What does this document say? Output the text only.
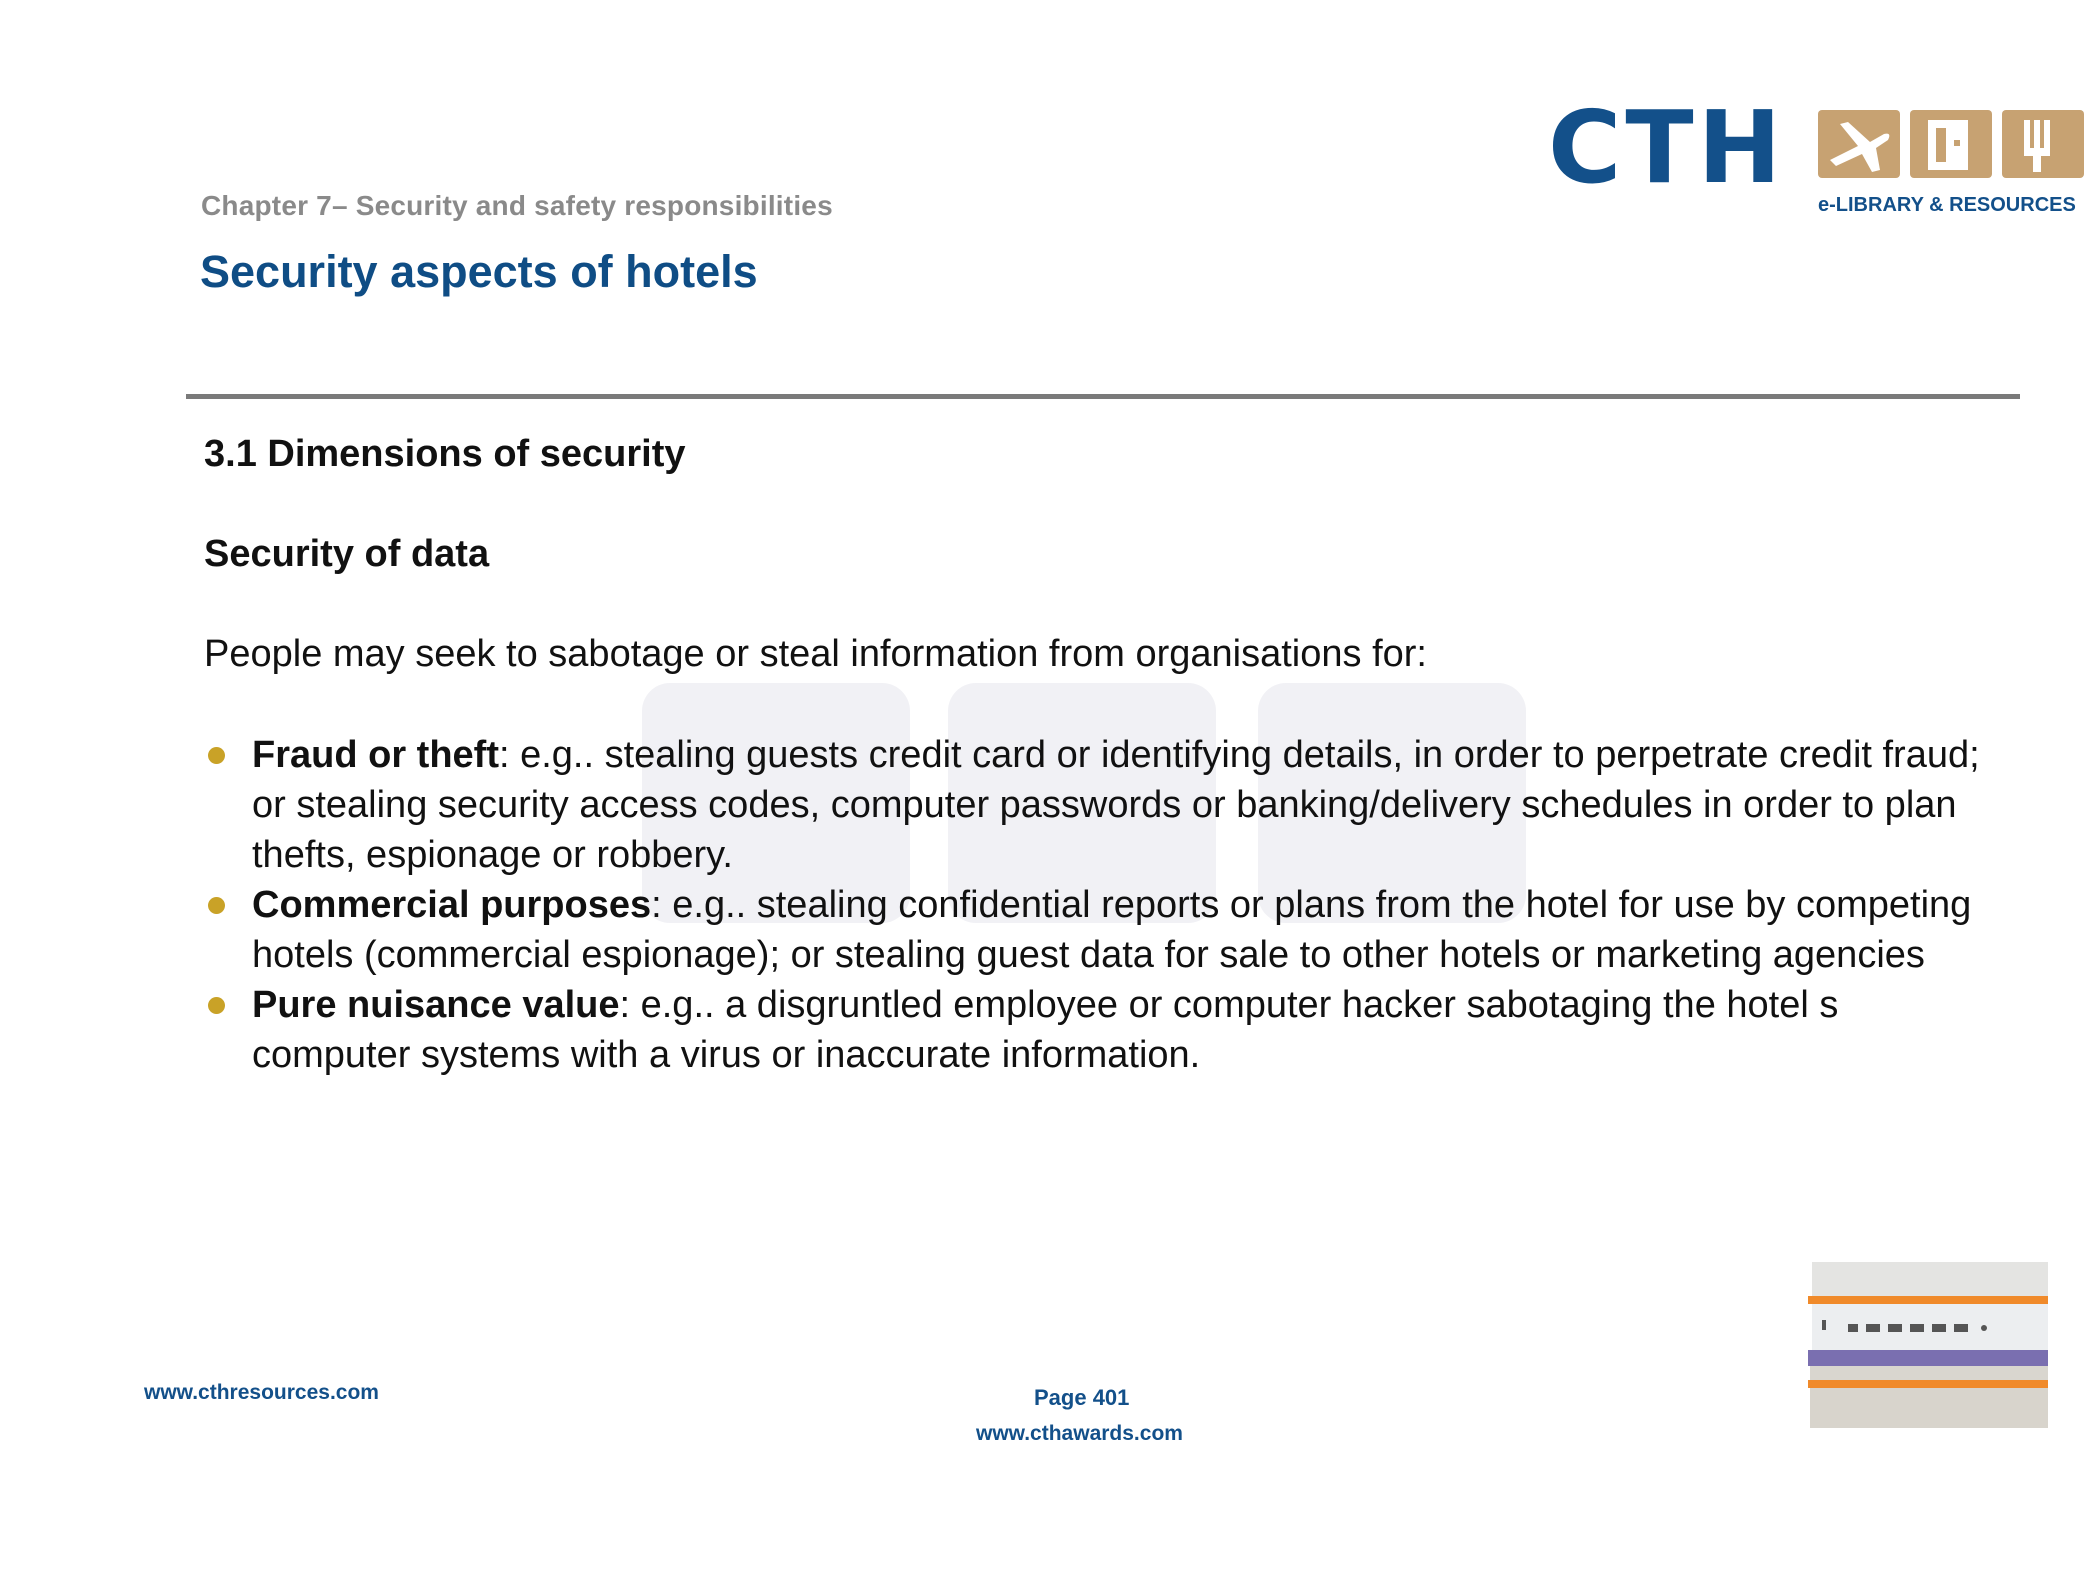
Chapter 7– Security and safety responsibilities
Security aspects of hotels
CTH e-LIBRARY & RESOURCES
3.1 Dimensions of security
Security of data
People may seek to sabotage or steal information from organisations for:
Fraud or theft: e.g.. stealing guests credit card or identifying details, in order to perpetrate credit fraud; or stealing security access codes, computer passwords or banking/delivery schedules in order to plan thefts, espionage or robbery.
Commercial purposes: e.g.. stealing confidential reports or plans from the hotel for use by competing hotels (commercial espionage); or stealing guest data for sale to other hotels or marketing agencies
Pure nuisance value: e.g.. a disgruntled employee or computer hacker sabotaging the hotel s computer systems with a virus or inaccurate information.
www.cthresources.com	Page 401
www.cthawards.com
